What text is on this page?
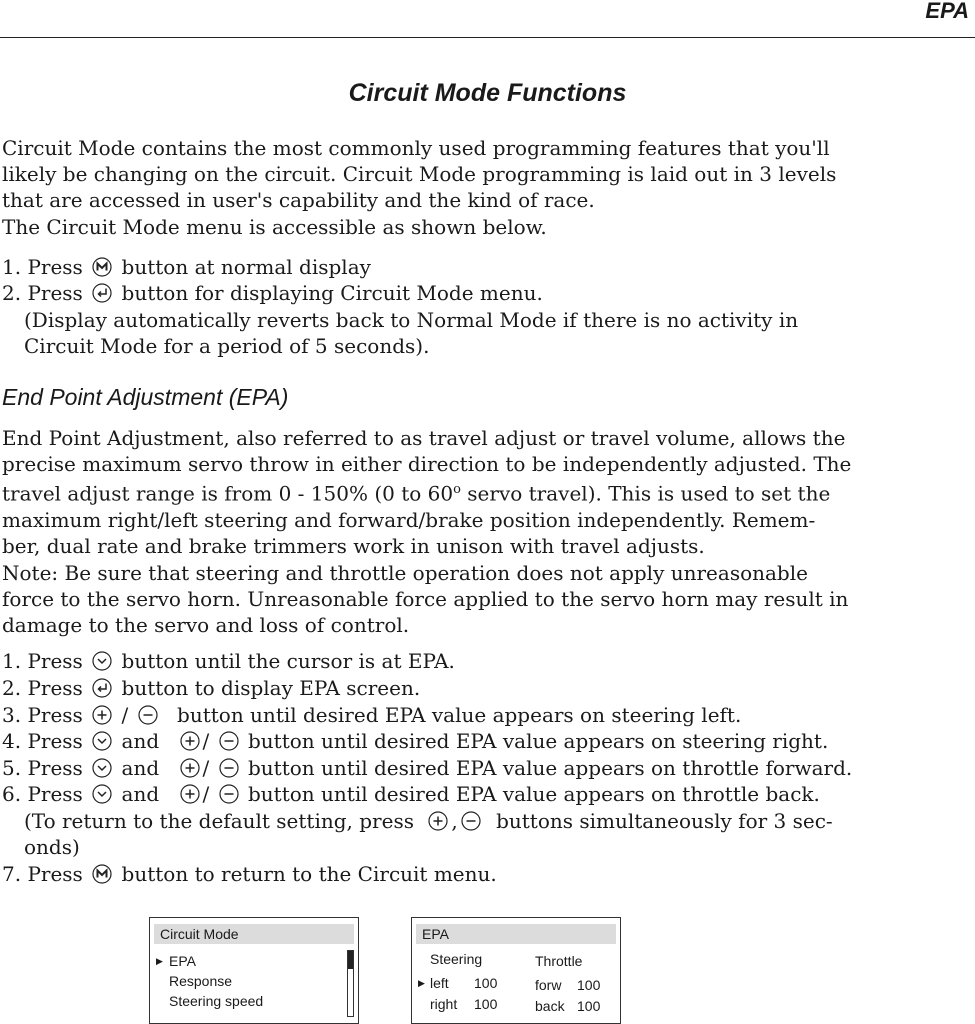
EPA
Circuit Mode Functions
Circuit Mode contains the most commonly used programming features that you'll
likely be changing on the circuit. Circuit Mode programming is laid out in 3 levels
that are accessed in user's capability and the kind of race.
The Circuit Mode menu is accessible as shown below.
1. Press button at normal display
2. Press button for displaying Circuit Mode menu.
(Display automatically reverts back to Normal Mode if there is no activity in
Circuit Mode for a period of 5 seconds).
End Point Adjustment (EPA)
End Point Adjustment, also referred to as travel adjust or travel volume, allows the
precise maximum servo throw in either direction to be independently adjusted. The
travel adjust range is from 0 - 150% (0 to 60$^o$ servo travel). This is used to set the
maximum right/left steering and forward/brake position independently. Remem-
ber, dual rate and brake trimmers work in unison with travel adjusts.
Note: Be sure that steering and throttle operation does not apply unreasonable
force to the servo horn. Unreasonable force applied to the servo horn may result in
damage to the servo and loss of control.
1. Press button until the cursor is at EPA.
2. Press button to display EPA screen.
3. Press / button until desired EPA value appears on steering left.
4. Press and / button until desired EPA value appears on steering right.
5. Press and / button until desired EPA value appears on throttle forward.
6. Press and / button until desired EPA value appears on throttle back.
(To return to the default setting, press , buttons simultaneously for 3 sec-
onds)
7. Press button to return to the Circuit menu.
Circuit Mode
▶ EPA
Response
Steering speed
EPA
Steering	Throttle
▶ left 100
right 100
forw 100
back 100
